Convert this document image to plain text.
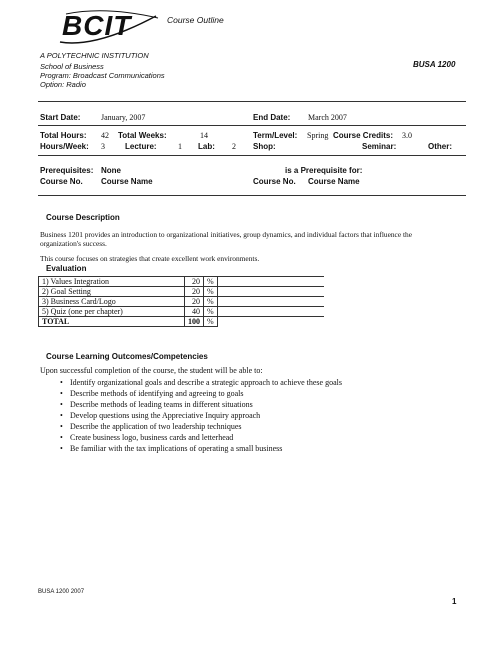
BCIT	Course Outline
A POLYTECHNIC INSTITUTION
School of Business
Program: Broadcast Communications
Option: Radio
BUSA 1200
Start Date:	January, 2007	End Date: March 2007
Total Hours: 42 Total Weeks:	14	Term/Level: Spring Course Credits: 3.0
Hours/Week: 3	Lecture:	1 Lab: 2 Shop:	Seminar:	Other:
Prerequisites: None	is a Prerequisite for:
Course No. Course Name	Course No. Course Name
Course Description
Business 1201 provides an introduction to organizational initiatives, group dynamics, and individual factors that influence the
organization's success.
This course focuses on strategies that create excellent work environments.
Evaluation
1) Values Integration	20	%	
2) Goal Setting	20	%	
3) Business Card/Logo	20	%	
5) Quiz (one per chapter)	40	%	
TOTAL	100	%	
Course Learning Outcomes/Competencies
Upon successful completion of the course, the student will be able to:
• Identify organizational goals and describe a strategic approach to achieve these goals
• Describe methods of identifying and agreeing to goals
• Describe methods of leading teams in different situations
• Develop questions using the Appreciative Inquiry approach
• Describe the application of two leadership techniques
• Create business logo, business cards and letterhead
• Be familiar with the tax implications of operating a small business
BUSA 1200 2007
1
